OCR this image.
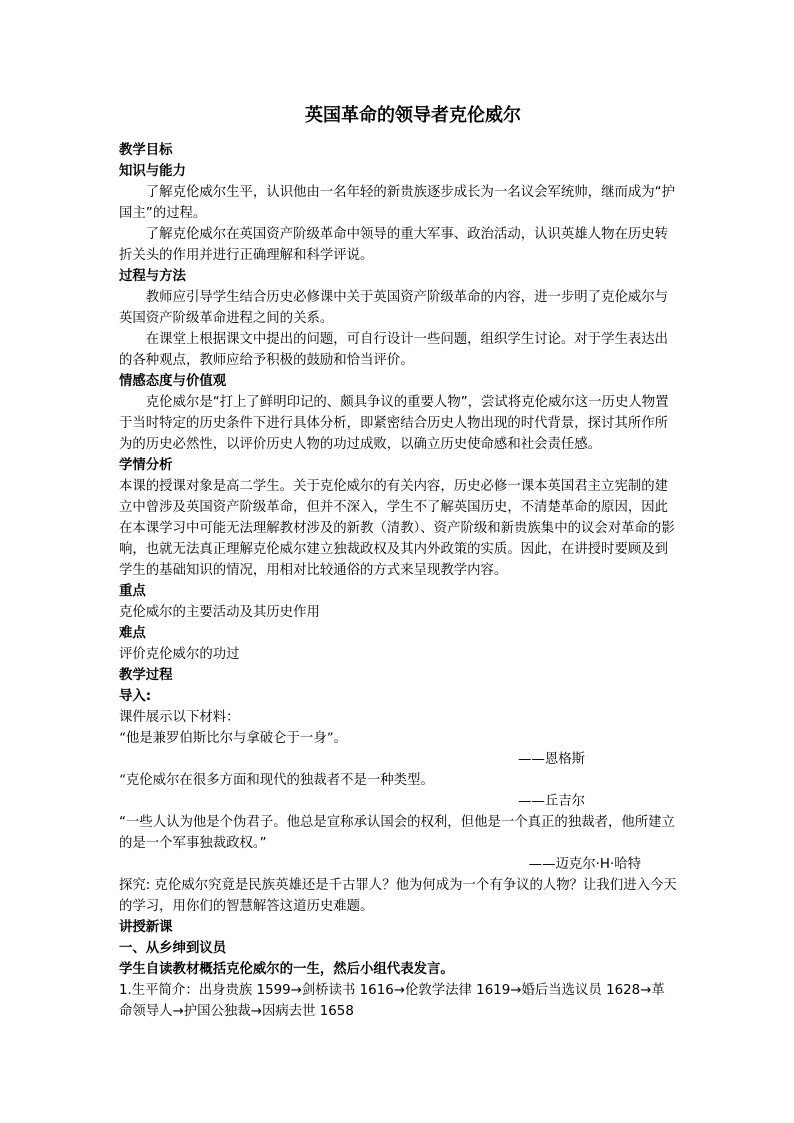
英国革命的领导者克伦威尔

教学目标

知识与能力

了解克伦威尔生平，认识他由一名年轻的新贵族逐步成长为一名议会军统帅，继而成为“护国主”的过程。

了解克伦威尔在英国资产阶级革命中领导的重大军事、政治活动，认识英雄人物在历史转折关头的作用并进行正确理解和科学评说。

过程与方法

教师应引导学生结合历史必修课中关于英国资产阶级革命的内容，进一步明了克伦威尔与英国资产阶级革命进程之间的关系。

在课堂上根据课文中提出的问题，可自行设计一些问题，组织学生讨论。对于学生表达出的各种观点，教师应给予积极的鼓励和恰当评价。

情感态度与价值观

克伦威尔是“打上了鲜明印记的、颇具争议的重要人物”，尝试将克伦威尔这一历史人物置于当时特定的历史条件下进行具体分析，即紧密结合历史人物出现的时代背景，探讨其所作所为的历史必然性，以评价历史人物的功过成败，以确立历史使命感和社会责任感。

学情分析

本课的授课对象是高二学生。关于克伦威尔的有关内容，历史必修一课本英国君主立宪制的建立中曾涉及英国资产阶级革命，但并不深入，学生不了解英国历史，不清楚革命的原因，因此在本课学习中可能无法理解教材涉及的新教（清教）、资产阶级和新贵族集中的议会对革命的影响，也就无法真正理解克伦威尔建立独裁政权及其内外政策的实质。因此，在讲授时要顾及到学生的基础知识的情况，用相对比较通俗的方式来呈现教学内容。

重点

克伦威尔的主要活动及其历史作用

难点

评价克伦威尔的功过

教学过程

导入:

课件展示以下材料：

“他是兼罗伯斯比尔与拿破仑于一身”。

——恩格斯

“克伦威尔在很多方面和现代的独裁者不是一种类型。

——丘吉尔

“一些人认为他是个伪君子。他总是宣称承认国会的权利，但他是一个真正的独裁者，他所建立的是一个军事独裁政权。”

——迈克尔·H·哈特

探究: 克伦威尔究竟是民族英雄还是千古罪人？他为何成为一个有争议的人物？让我们进入今天的学习，用你们的智慧解答这道历史难题。

讲授新课

一、从乡绅到议员

学生自读教材概括克伦威尔的一生，然后小组代表发言。

1.生平简介：出身贵族 1599→剑桥读书 1616→伦敦学法律 1619→婚后当选议员 1628→革命领导人→护国公独裁→因病去世 1658
